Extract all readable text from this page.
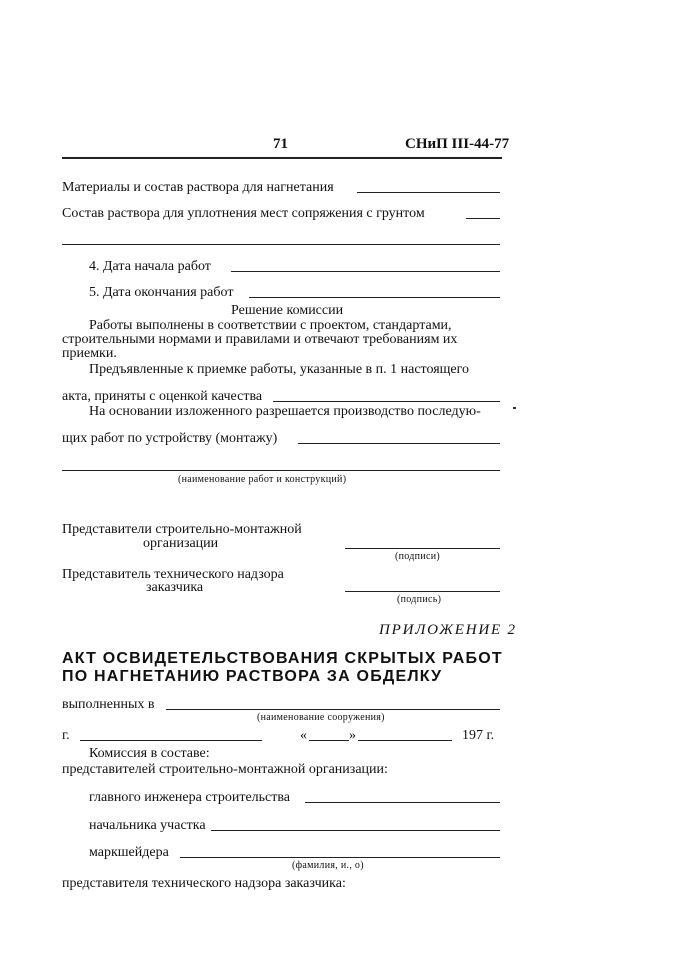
71	СНиП III-44-77
Материалы и состав раствора для нагнетания
Состав раствора для уплотнения мест сопряжения с грунтом
4. Дата начала работ
5. Дата окончания работ
Решение комиссии
Работы выполнены в соответствии с проектом, стандартами,
строительными нормами и правилами и отвечают требованиям их
приемки.
Предъявленные к приемке работы, указанные в п. 1 настоящего
акта, приняты с оценкой качества
На основании изложенного разрешается производство последую-
щих работ по устройству (монтажу)
(наименование работ и конструкций)
Представители строительно-монтажной
организации
(подписи)
Представитель технического надзора
заказчика
(подпись)
ПРИЛОЖЕНИЕ 2
АКТ ОСВИДЕТЕЛЬСТВОВАНИЯ СКРЫТЫХ РАБОТ
ПО НАГНЕТАНИЮ РАСТВОРА ЗА ОБДЕЛКУ
выполненных в
(наименование сооружения)
г.	«	»	197 г.
Комиссия в составе:
представителей строительно-монтажной организации:
главного инженера строительства
начальника участка
маркшейдера
(фамилия, и., о)
представителя технического надзора заказчика:
